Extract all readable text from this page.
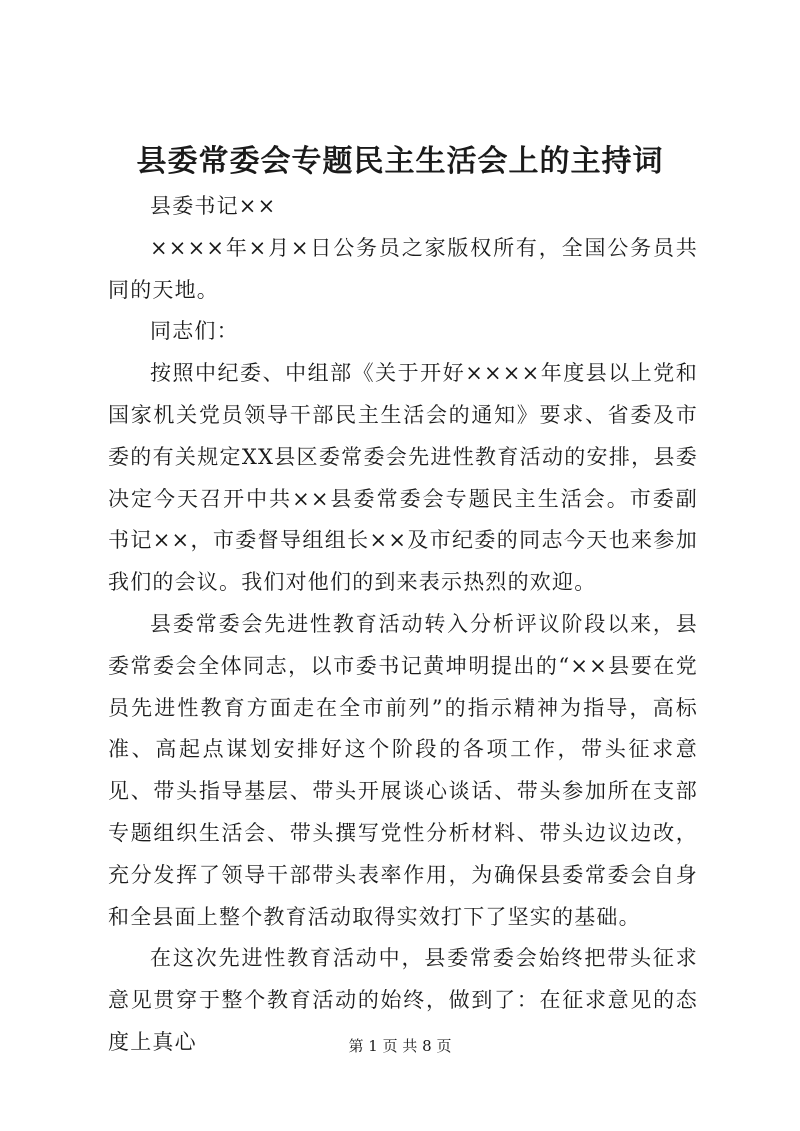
县委常委会专题民主生活会上的主持词

县委书记××

××××年×月×日公务员之家版权所有，全国公务员共同的天地。

同志们：

按照中纪委、中组部《关于开好××××年度县以上党和国家机关党员领导干部民主生活会的通知》要求、省委及市委的有关规定XX县区委常委会先进性教育活动的安排，县委决定今天召开中共××县委常委会专题民主生活会。市委副书记××，市委督导组组长××及市纪委的同志今天也来参加我们的会议。我们对他们的到来表示热烈的欢迎。

县委常委会先进性教育活动转入分析评议阶段以来，县委常委会全体同志，以市委书记黄坤明提出的“××县要在党员先进性教育方面走在全市前列”的指示精神为指导，高标准、高起点谋划安排好这个阶段的各项工作，带头征求意见、带头指导基层、带头开展谈心谈话、带头参加所在支部专题组织生活会、带头撰写党性分析材料、带头边议边改，充分发挥了领导干部带头表率作用，为确保县委常委会自身和全县面上整个教育活动取得实效打下了坚实的基础。

在这次先进性教育活动中，县委常委会始终把带头征求意见贯穿于整个教育活动的始终，做到了：在征求意见的态度上真心	第 1 页 共 8 页
